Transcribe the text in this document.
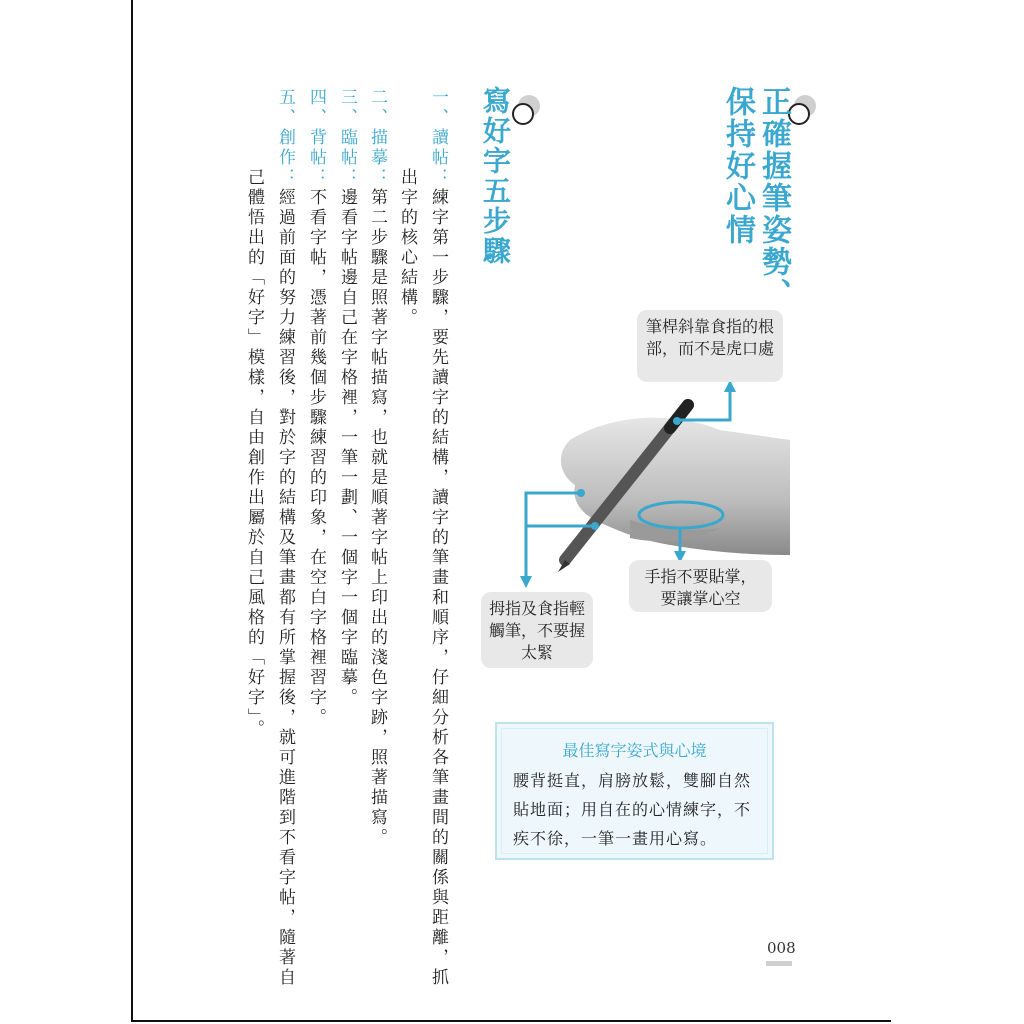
正確握筆姿勢、
保持好心情
寫好字五步驟
一、讀帖：練字第一步驟，要先讀字的結構，讀字的筆畫和順序，仔細分析各筆畫間的關係與距離，抓
出字的核心結構。
二、描摹：第二步驟是照著字帖描寫，也就是順著字帖上印出的淺色字跡，照著描寫。
三、臨帖：邊看字帖邊自己在字格裡，一筆一劃、一個字一個字臨摹。
四、背帖：不看字帖，憑著前幾個步驟練習的印象，在空白字格裡習字。
五、創作：經過前面的努力練習後，對於字的結構及筆畫都有所掌握後，就可進階到不看字帖，隨著自
己體悟出的「好字」模樣，自由創作出屬於自己風格的「好字」。	筆桿斜靠食指的根部，而不是虎口處
手指不要貼掌，要讓掌心空
拇指及食指輕觸筆，不要握太緊
最佳寫字姿式與心境
腰背挺直，肩膀放鬆，雙腳自然貼地面；用自在的心情練字，不疾不徐，一筆一畫用心寫。
008
